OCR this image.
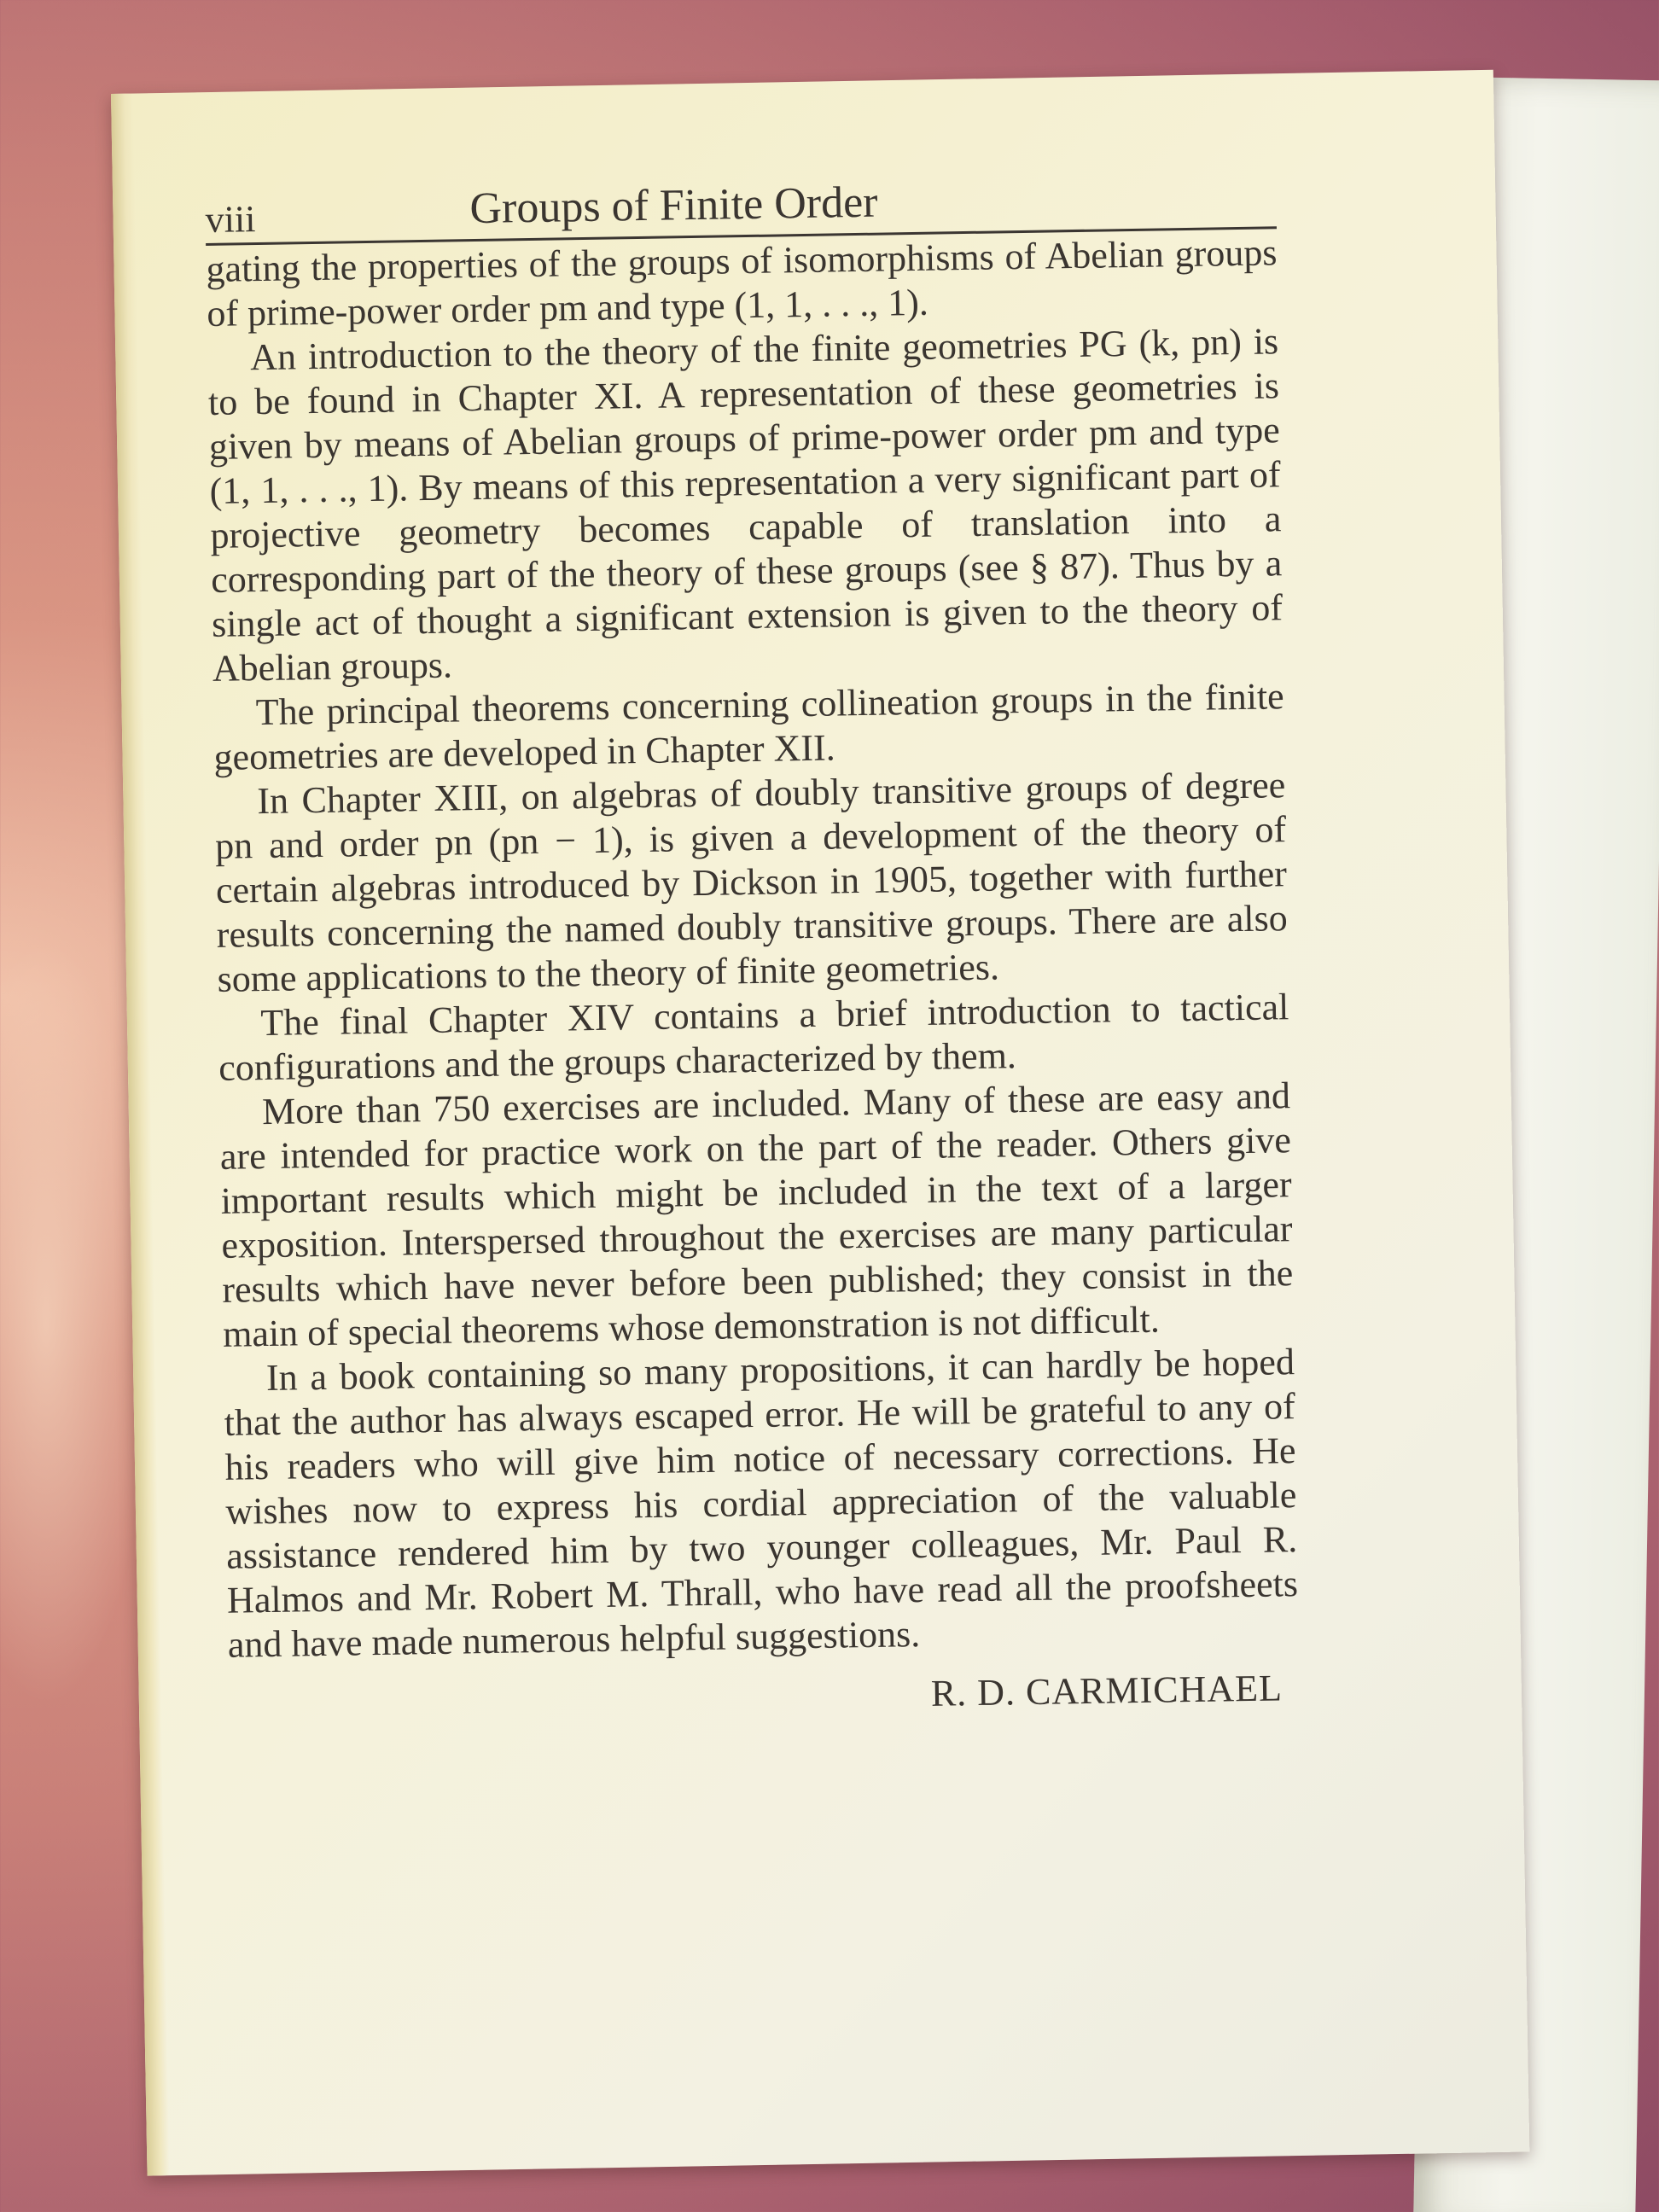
viii	Groups of Finite Order

gating the properties of the groups of isomorphisms of Abelian groups of prime-power order pm and type (1, 1, . . ., 1).

An introduction to the theory of the finite geometries PG (k, pn) is to be found in Chapter XI. A representation of these geometries is given by means of Abelian groups of prime-power order pm and type (1, 1, . . ., 1). By means of this representation a very significant part of projective geometry becomes capable of translation into a corresponding part of the theory of these groups (see § 87). Thus by a single act of thought a significant extension is given to the theory of Abelian groups.

The principal theorems concerning collineation groups in the finite geometries are developed in Chapter XII.

In Chapter XIII, on algebras of doubly transitive groups of degree pn and order pn (pn − 1), is given a development of the theory of certain algebras introduced by Dickson in 1905, together with further results concerning the named doubly transitive groups. There are also some applications to the theory of finite geometries.

The final Chapter XIV contains a brief introduction to tactical configurations and the groups characterized by them.

More than 750 exercises are included. Many of these are easy and are intended for practice work on the part of the reader. Others give important results which might be included in the text of a larger exposition. Interspersed throughout the exercises are many particular results which have never before been published; they consist in the main of special theorems whose demonstration is not difficult.

In a book containing so many propositions, it can hardly be hoped that the author has always escaped error. He will be grateful to any of his readers who will give him notice of necessary corrections. He wishes now to express his cordial appreciation of the valuable assistance rendered him by two younger colleagues, Mr. Paul R. Halmos and Mr. Robert M. Thrall, who have read all the proofsheets and have made numerous helpful suggestions.

R. D. CARMICHAEL
